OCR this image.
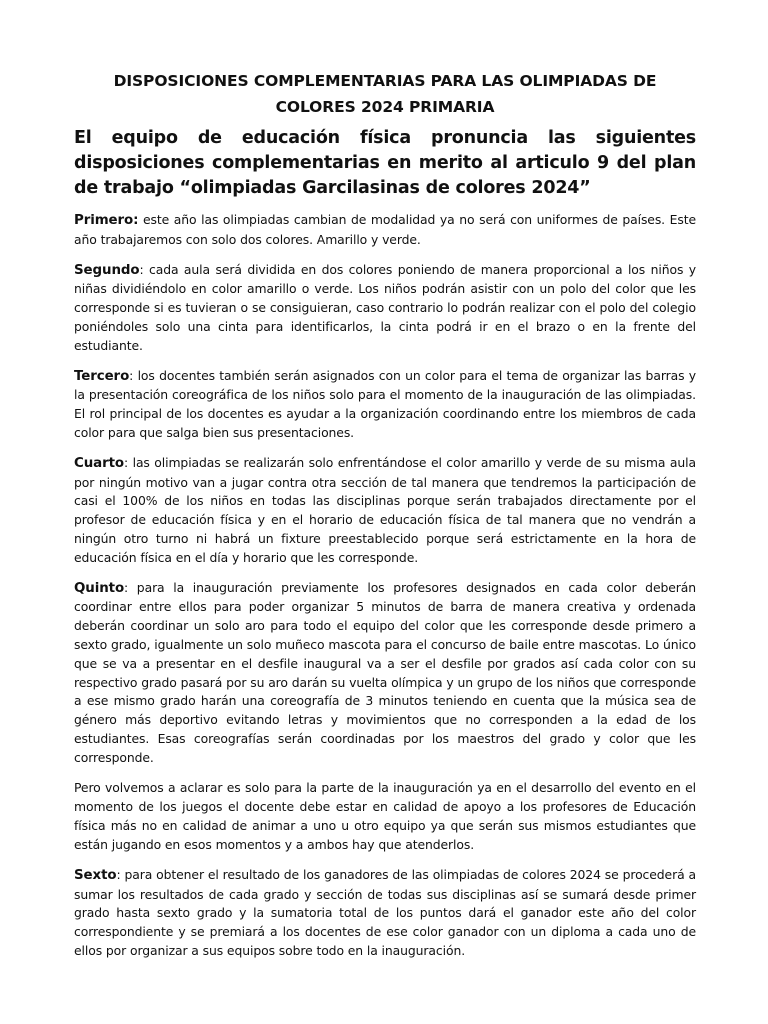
DISPOSICIONES COMPLEMENTARIAS PARA LAS OLIMPIADAS DE
COLORES 2024 PRIMARIA

El equipo de educación física pronuncia las siguientes disposiciones complementarias en merito al articulo 9 del plan de trabajo “olimpiadas Garcilasinas de colores 2024”

Primero: este año las olimpiadas cambian de modalidad ya no será con uniformes de países. Este año trabajaremos con solo dos colores. Amarillo y verde.

Segundo: cada aula será dividida en dos colores poniendo de manera proporcional a los niños y niñas dividiéndolo en color amarillo o verde. Los niños podrán asistir con un polo del color que les corresponde si es tuvieran o se consiguieran, caso contrario lo podrán realizar con el polo del colegio poniéndoles solo una cinta para identificarlos, la cinta podrá ir en el brazo o en la frente del estudiante.

Tercero: los docentes también serán asignados con un color para el tema de organizar las barras y la presentación coreográfica de los niños solo para el momento de la inauguración de las olimpiadas. El rol principal de los docentes es ayudar a la organización coordinando entre los miembros de cada color para que salga bien sus presentaciones.

Cuarto: las olimpiadas se realizarán solo enfrentándose el color amarillo y verde de su misma aula por ningún motivo van a jugar contra otra sección de tal manera que tendremos la participación de casi el 100% de los niños en todas las disciplinas porque serán trabajados directamente por el profesor de educación física y en el horario de educación física de tal manera que no vendrán a ningún otro turno ni habrá un fixture preestablecido porque será estrictamente en la hora de educación física en el día y horario que les corresponde.

Quinto: para la inauguración previamente los profesores designados en cada color deberán coordinar entre ellos para poder organizar 5 minutos de barra de manera creativa y ordenada deberán coordinar un solo aro para todo el equipo del color que les corresponde desde primero a sexto grado, igualmente un solo muñeco mascota para el concurso de baile entre mascotas. Lo único que se va a presentar en el desfile inaugural va a ser el desfile por grados así cada color con su respectivo grado pasará por su aro darán su vuelta olímpica y un grupo de los niños que corresponde a ese mismo grado harán una coreografía de 3 minutos teniendo en cuenta que la música sea de género más deportivo evitando letras y movimientos que no corresponden a la edad de los estudiantes. Esas coreografías serán coordinadas por los maestros del grado y color que les corresponde.

Pero volvemos a aclarar es solo para la parte de la inauguración ya en el desarrollo del evento en el momento de los juegos el docente debe estar en calidad de apoyo a los profesores de Educación física más no en calidad de animar a uno u otro equipo ya que serán sus mismos estudiantes que están jugando en esos momentos y a ambos hay que atenderlos.

Sexto: para obtener el resultado de los ganadores de las olimpiadas de colores 2024 se procederá a sumar los resultados de cada grado y sección de todas sus disciplinas así se sumará desde primer grado hasta sexto grado y la sumatoria total de los puntos dará el ganador este año del color correspondiente y se premiará a los docentes de ese color ganador con un diploma a cada uno de ellos por organizar a sus equipos sobre todo en la inauguración.
